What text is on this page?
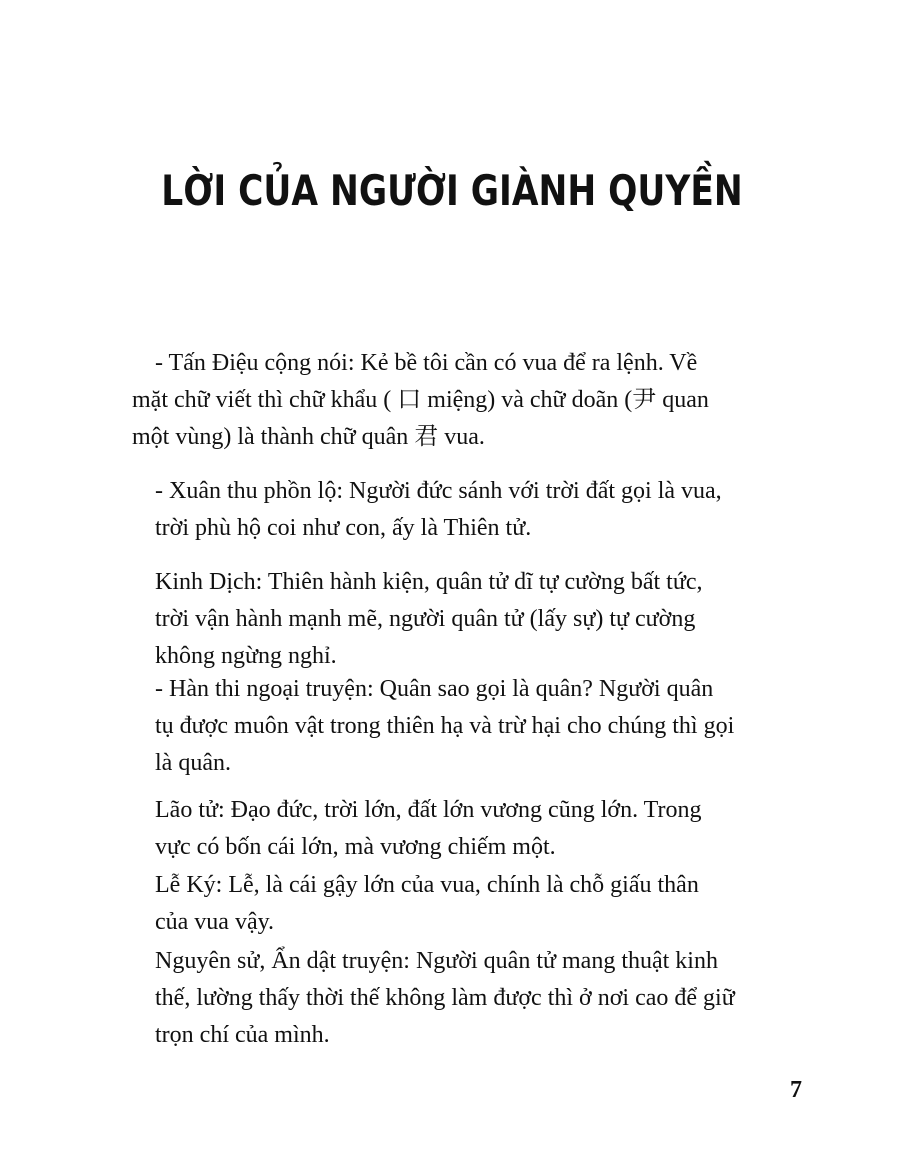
LỜI CỦA NGƯỜI GIÀNH QUYỀN

- Tấn Điệu cộng nói: Kẻ bề tôi cần có vua để ra lệnh. Về
mặt chữ viết thì chữ khẩu ( 口 miệng) và chữ doãn (尹 quan
một vùng) là thành chữ quân 君 vua.

- Xuân thu phồn lộ: Người đức sánh với trời đất gọi là vua,
trời phù hộ coi như con, ấy là Thiên tử.

Kinh Dịch: Thiên hành kiện, quân tử dĩ tự cường bất tức,
trời vận hành mạnh mẽ, người quân tử (lấy sự) tự cường
không ngừng nghỉ.

- Hàn thi ngoại truyện: Quân sao gọi là quân? Người quân
tụ được muôn vật trong thiên hạ và trừ hại cho chúng thì gọi
là quân.

Lão tử: Đạo đức, trời lớn, đất lớn vương cũng lớn. Trong
vực có bốn cái lớn, mà vương chiếm một.

Lễ Ký: Lễ, là cái gậy lớn của vua, chính là chỗ giấu thân
của vua vậy.

Nguyên sử, Ẩn dật truyện: Người quân tử mang thuật kinh
thế, lường thấy thời thế không làm được thì ở nơi cao để giữ
trọn chí của mình.

7
